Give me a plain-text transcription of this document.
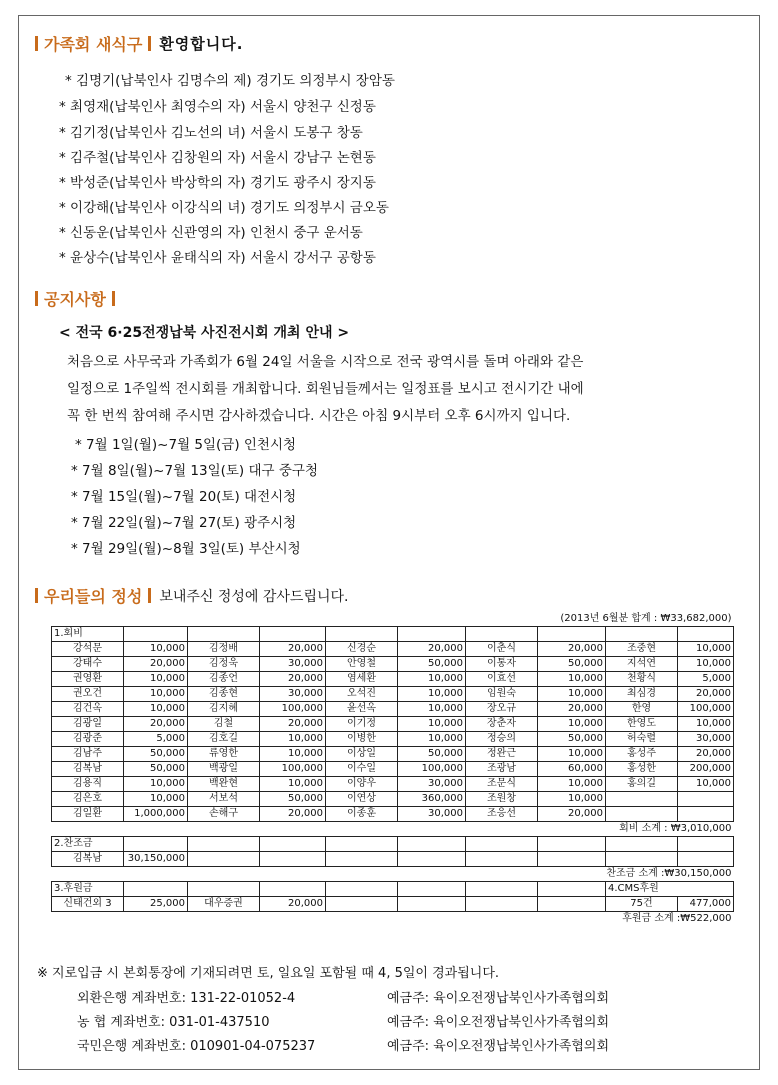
가족회 새식구 환영합니다.
* 김명기(납북인사 김명수의 제) 경기도 의정부시 장암동
* 최영재(납북인사 최영수의 자) 서울시 양천구 신정동
* 김기정(납북인사 김노선의 녀) 서울시 도봉구 창동
* 김주철(납북인사 김창원의 자) 서울시 강남구 논현동
* 박성준(납북인사 박상학의 자) 경기도 광주시 장지동
* 이강해(납북인사 이강식의 녀) 경기도 의정부시 금오동
* 신동운(납북인사 신관영의 자) 인천시 중구 운서동
* 윤상수(납북인사 윤태식의 자) 서울시 강서구 공항동
공지사항
< 전국 6·25전쟁납북 사진전시회 개최 안내 >
처음으로 사무국과 가족회가 6월 24일 서울을 시작으로 전국 광역시를 돌며 아래와 같은
일정으로 1주일씩 전시회를 개최합니다. 회원님들께서는 일정표를 보시고 전시기간 내에
꼭 한 번씩 참여해 주시면 감사하겠습니다. 시간은 아침 9시부터 오후 6시까지 입니다.
* 7월 1일(월)~7월 5일(금) 인천시청
* 7월 8일(월)~7월 13일(토) 대구 중구청
* 7월 15일(월)~7월 20(토) 대전시청
* 7월 22일(월)~7월 27(토) 광주시청
* 7월 29일(월)~8월 3일(토) 부산시청
우리들의 정성 보내주신 정성에 감사드립니다.
(2013년 6월분 합계 : ₩33,682,000)									
1.회비									
강석문	10,000	김정배	20,000	신경순	20,000	이춘식	20,000	조중현	10,000
강태수	20,000	김정욱	30,000	안영철	50,000	이통자	50,000	지석연	10,000
권영환	10,000	김종언	20,000	염세환	10,000	이효선	10,000	천황식	5,000
권오건	10,000	김종현	30,000	오석진	10,000	임원숙	10,000	최심경	20,000
김건옥	10,000	김지혜	100,000	윤선옥	10,000	장오규	20,000	한영	100,000
김광일	20,000	김철	20,000	이기정	10,000	장춘자	10,000	한영도	10,000
김광준	5,000	김호길	10,000	이병한	10,000	정승의	50,000	허숙렬	30,000
김남주	50,000	류영한	10,000	이상일	50,000	정완근	10,000	홍성주	20,000
김복남	50,000	백광일	100,000	이수일	100,000	조광남	60,000	홍성한	200,000
김용직	10,000	백완현	10,000	이양우	30,000	조문식	10,000	홍의길	10,000
김은호	10,000	서보석	50,000	이연상	360,000	조원창	10,000		
김일환	1,000,000	손해구	20,000	이종훈	30,000	조응선	20,000		
회비 소계 : ₩3,010,000									
2.찬조금									
김복남	30,150,000								
찬조금 소계 :₩30,150,000									
3.후원금								4.CMS후원	
신태건외 3	25,000	대우증권	20,000					75건	477,000
후원금 소계 :₩522,000									
※ 지로입금 시 본회통장에 기재되려면 토, 일요일 포함될 때 4, 5일이 경과됩니다.
외환은행 계좌번호: 131-22-01052-4	예금주: 육이오전쟁납북인사가족협의회
농 협 계좌번호: 031-01-437510	예금주: 육이오전쟁납북인사가족협의회
국민은행 계좌번호: 010901-04-075237	예금주: 육이오전쟁납북인사가족협의회
